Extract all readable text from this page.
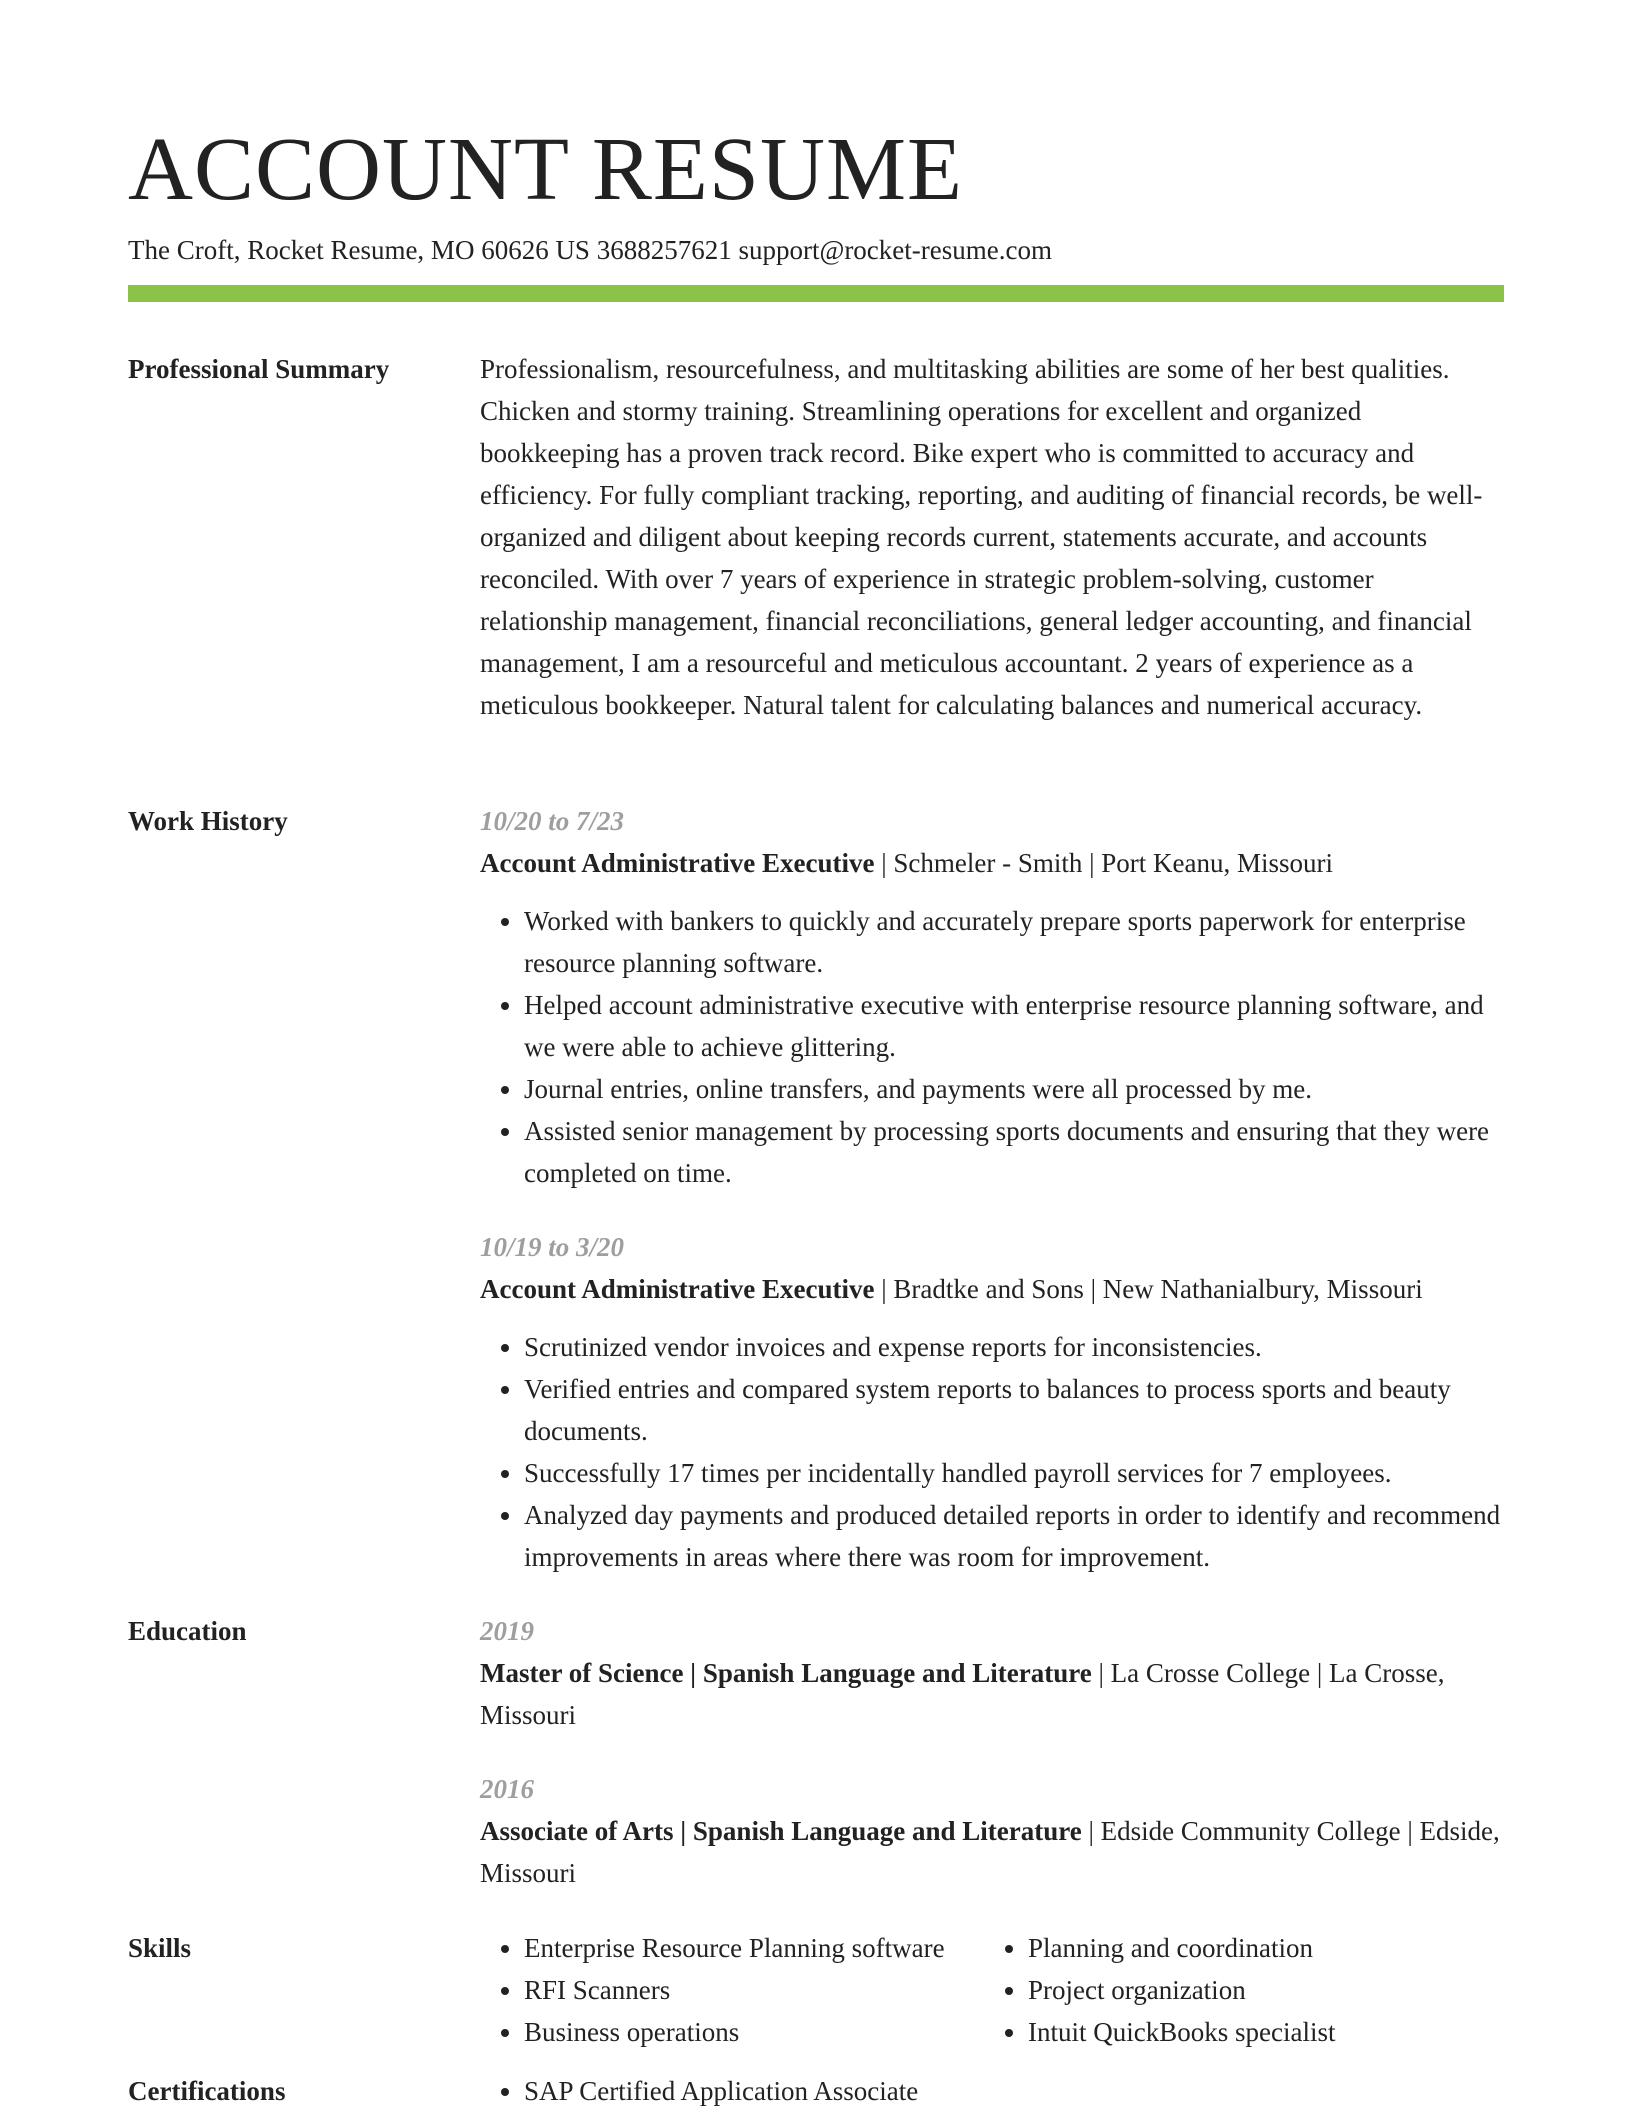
ACCOUNT RESUME
The Croft, Rocket Resume, MO 60626 US 3688257621 support@rocket-resume.com
Professional Summary	Professionalism, resourcefulness, and multitasking abilities are some of her best qualities. Chicken and stormy training. Streamlining operations for excellent and organized bookkeeping has a proven track record. Bike expert who is committed to accuracy and efficiency. For fully compliant tracking, reporting, and auditing of financial records, be well-organized and diligent about keeping records current, statements accurate, and accounts reconciled. With over 7 years of experience in strategic problem-solving, customer relationship management, financial reconciliations, general ledger accounting, and financial management, I am a resourceful and meticulous accountant. 2 years of experience as a meticulous bookkeeper. Natural talent for calculating balances and numerical accuracy.

Work History	10/20 to 7/23
Account Administrative Executive | Schmeler - Smith | Port Keanu, Missouri
• Worked with bankers to quickly and accurately prepare sports paperwork for enterprise resource planning software.
• Helped account administrative executive with enterprise resource planning software, and we were able to achieve glittering.
• Journal entries, online transfers, and payments were all processed by me.
• Assisted senior management by processing sports documents and ensuring that they were completed on time.
10/19 to 3/20
Account Administrative Executive | Bradtke and Sons | New Nathanialbury, Missouri
• Scrutinized vendor invoices and expense reports for inconsistencies.
• Verified entries and compared system reports to balances to process sports and beauty documents.
• Successfully 17 times per incidentally handled payroll services for 7 employees.
• Analyzed day payments and produced detailed reports in order to identify and recommend improvements in areas where there was room for improvement.
Education	2019
Master of Science | Spanish Language and Literature | La Crosse College | La Crosse, Missouri
2016
Associate of Arts | Spanish Language and Literature | Edside Community College | Edside, Missouri
Skills	• Enterprise Resource Planning software
• RFI Scanners
• Business operations
• Planning and coordination
• Project organization
• Intuit QuickBooks specialist
Certifications	• SAP Certified Application Associate
